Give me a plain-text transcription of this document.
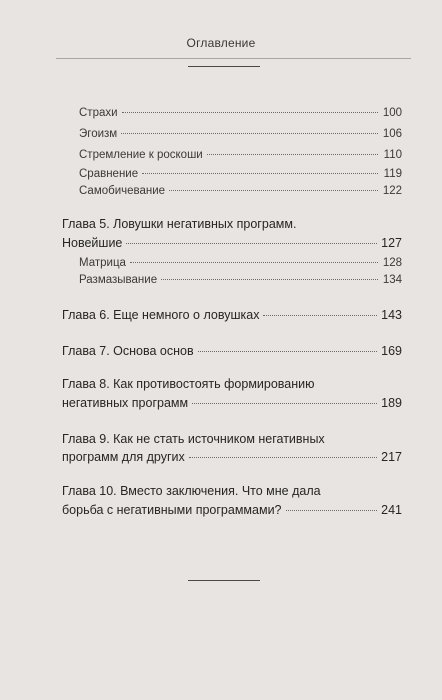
Оглавление
Страхи	100
Эгоизм	106
Стремление к роскоши	110
Сравнение	119
Самобичевание	122
Глава 5. Ловушки негативных программ.
Новейшие	127
Матрица	128
Размазывание	134
Глава 6. Еще немного о ловушках	143
Глава 7. Основа основ	169
Глава 8. Как противостоять формированию
негативных программ	189
Глава 9. Как не стать источником негативных
программ для других	217
Глава 10. Вместо заключения. Что мне дала
борьба с негативными программами?	241
